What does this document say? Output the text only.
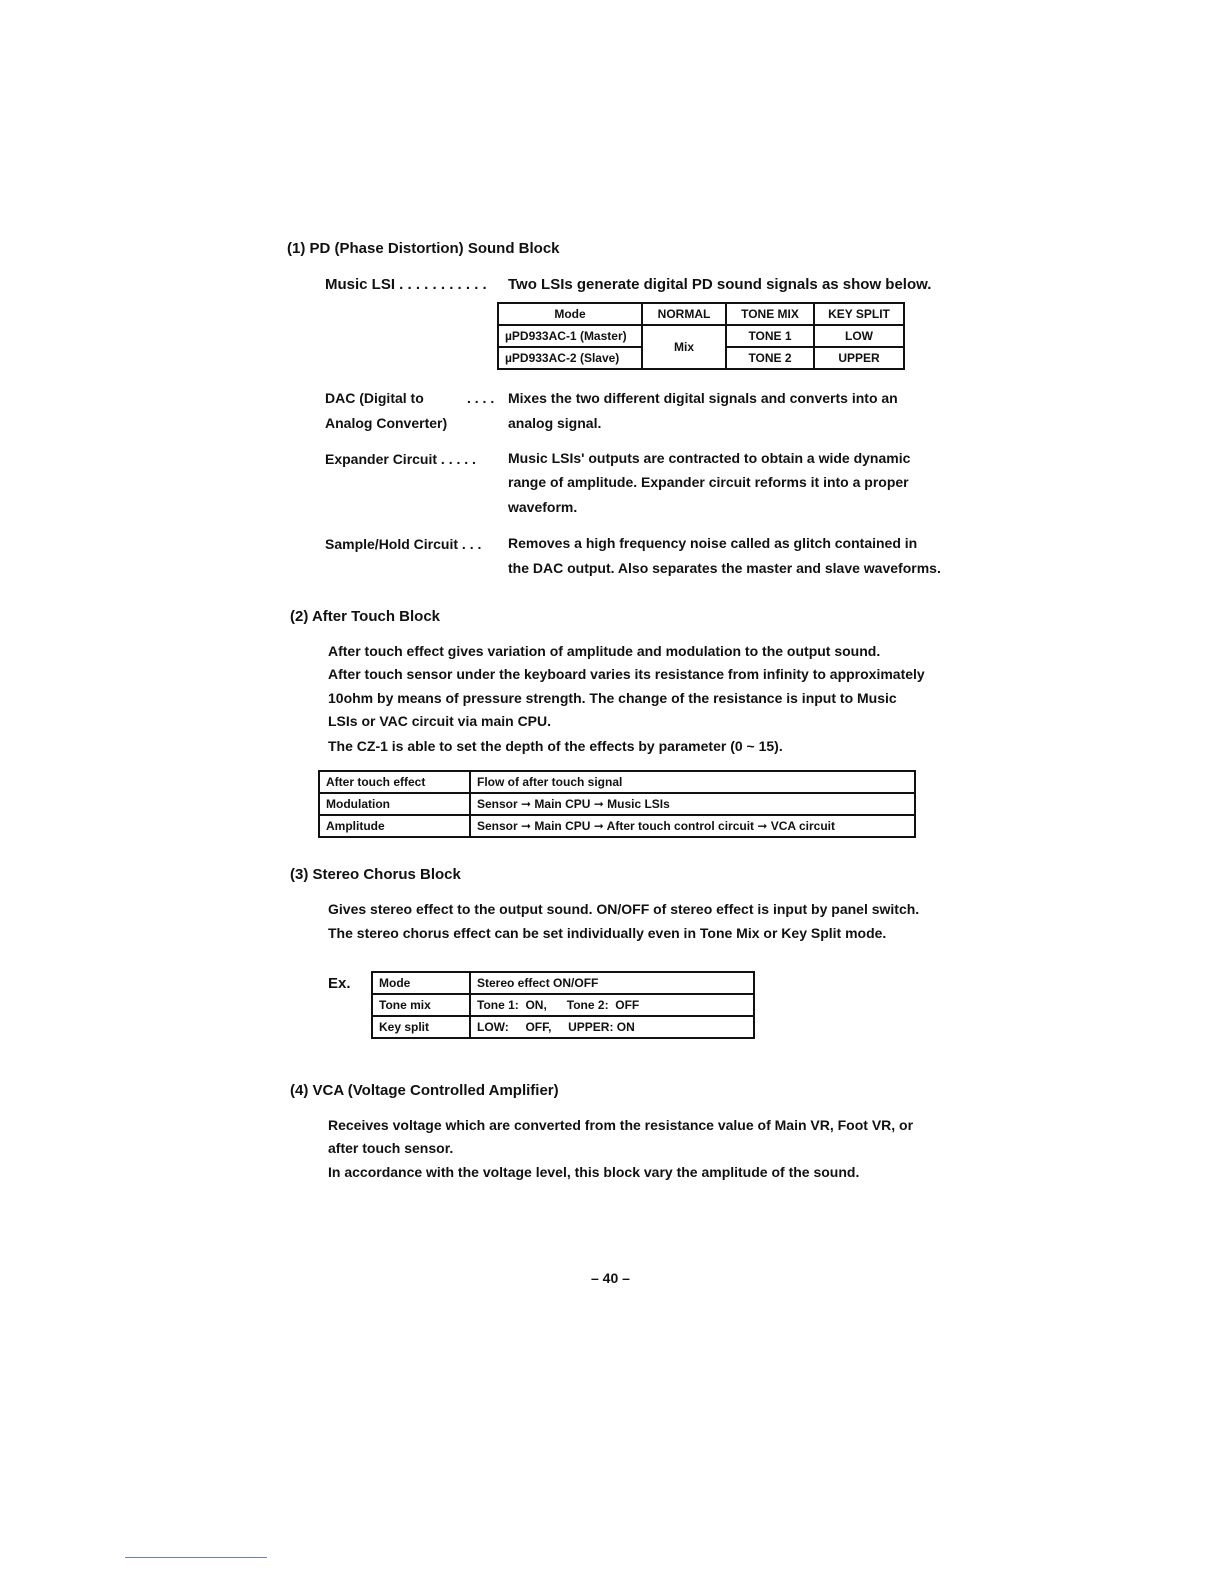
(1) PD (Phase Distortion) Sound Block
Music LSI . . . . . . . . . . . Two LSIs generate digital PD sound signals as show below.
Mode	NORMAL	TONE MIX	KEY SPLIT
µPD933AC-1 (Master)	Mix	TONE 1	LOW
µPD933AC-2 (Slave)		TONE 2	UPPER
DAC (Digital to
Analog Converter)
. . . . Mixes the two different digital signals and converts into an
analog signal.
Expander Circuit . . . . . Music LSIs' outputs are contracted to obtain a wide dynamic
range of amplitude. Expander circuit reforms it into a proper
waveform.
Sample/Hold Circuit . . . Removes a high frequency noise called as glitch contained in
the DAC output. Also separates the master and slave waveforms.
(2) After Touch Block
After touch effect gives variation of amplitude and modulation to the output sound.
After touch sensor under the keyboard varies its resistance from infinity to approximately
10ohm by means of pressure strength. The change of the resistance is input to Music
LSIs or VAC circuit via main CPU.
The CZ-1 is able to set the depth of the effects by parameter (0 ~ 15).
After touch effect	Flow of after touch signal
Modulation	Sensor ➞ Main CPU ➞ Music LSIs
Amplitude	Sensor ➞ Main CPU ➞ After touch control circuit ➞ VCA circuit
(3) Stereo Chorus Block
Gives stereo effect to the output sound. ON/OFF of stereo effect is input by panel switch.
The stereo chorus effect can be set individually even in Tone Mix or Key Split mode.
Ex. Mode	Stereo effect ON/OFF
Tone mix	Tone 1:  ON,      Tone 2:  OFF
Key split	LOW:     OFF,     UPPER: ON
(4) VCA (Voltage Controlled Amplifier)
Receives voltage which are converted from the resistance value of Main VR, Foot VR, or
after touch sensor.
In accordance with the voltage level, this block vary the amplitude of the sound.
– 40 –
